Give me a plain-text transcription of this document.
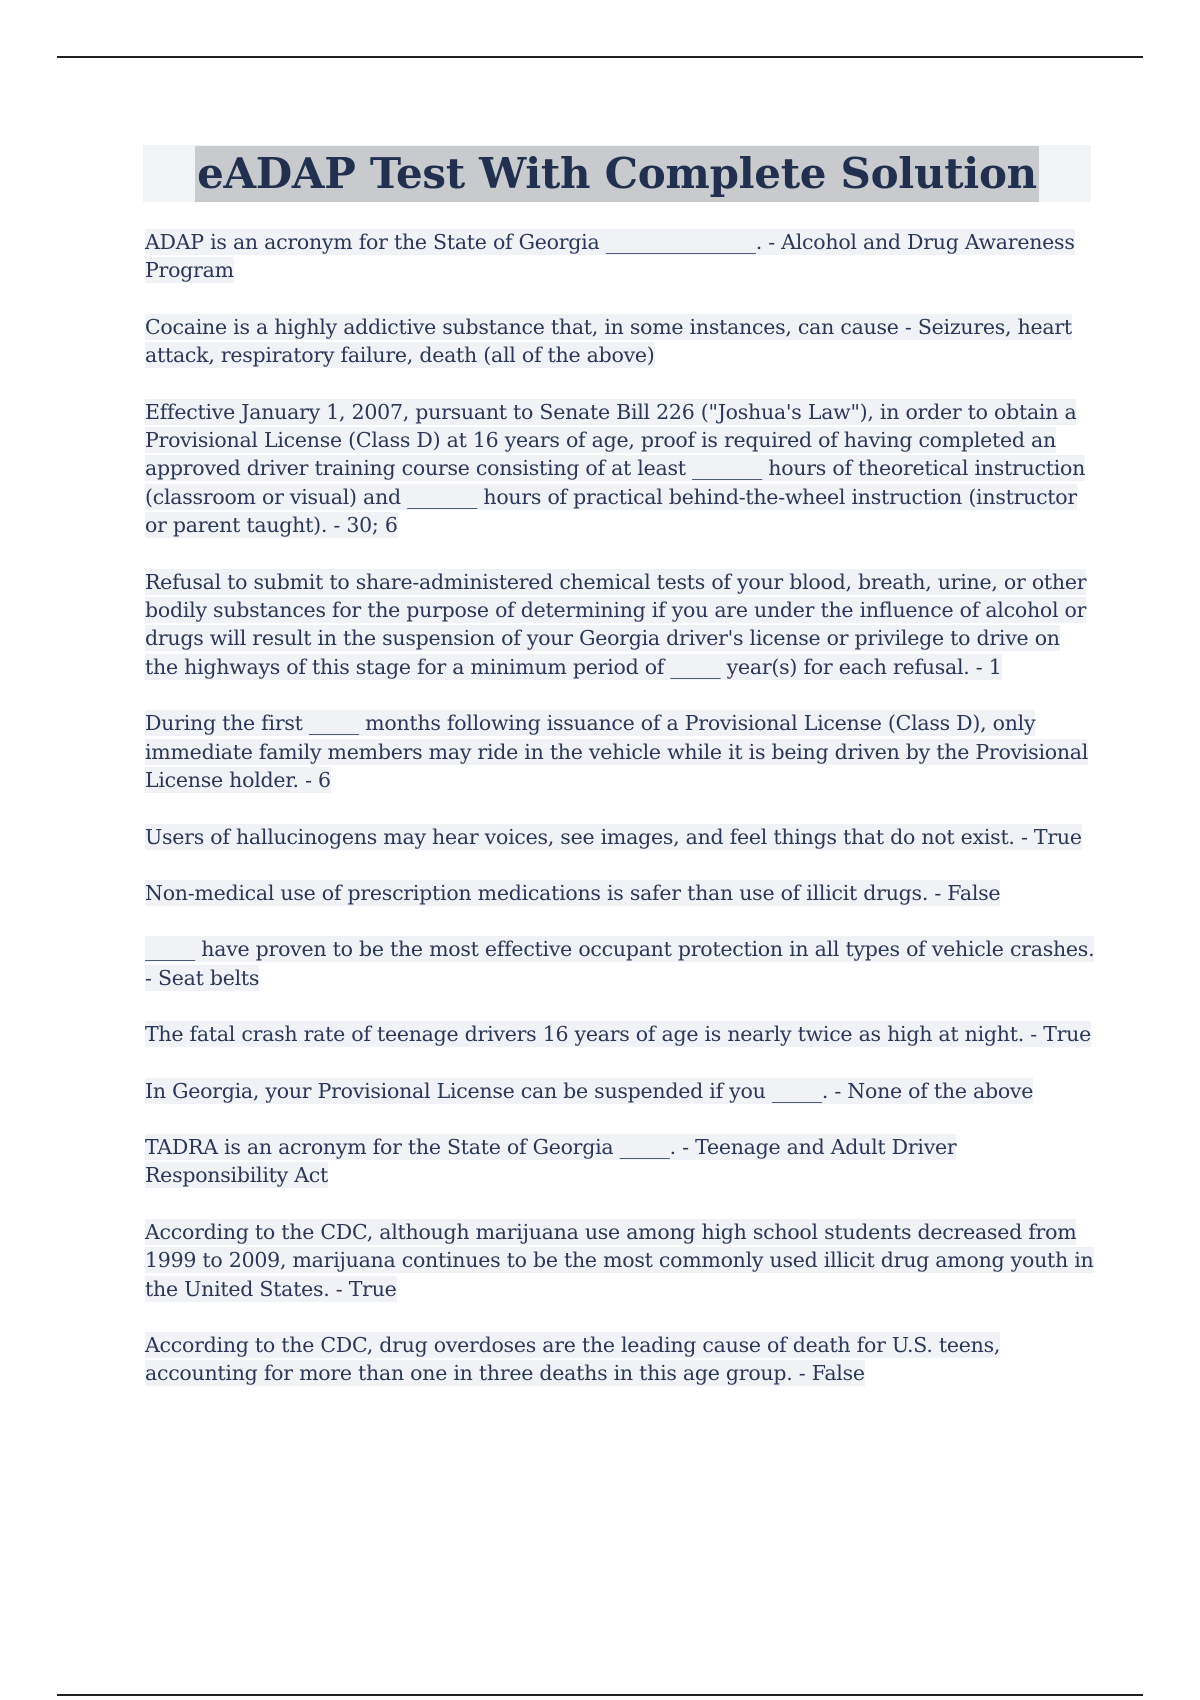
eADAP Test With Complete Solution
ADAP is an acronym for the State of Georgia _______________. - Alcohol and Drug Awareness Program
Cocaine is a highly addictive substance that, in some instances, can cause - Seizures, heart attack, respiratory failure, death (all of the above)
Effective January 1, 2007, pursuant to Senate Bill 226 ("Joshua's Law"), in order to obtain a Provisional License (Class D) at 16 years of age, proof is required of having completed an approved driver training course consisting of at least _______ hours of theoretical instruction (classroom or visual) and _______ hours of practical behind-the-wheel instruction (instructor or parent taught). - 30; 6
Refusal to submit to share-administered chemical tests of your blood, breath, urine, or other bodily substances for the purpose of determining if you are under the influence of alcohol or drugs will result in the suspension of your Georgia driver's license or privilege to drive on the highways of this stage for a minimum period of _____ year(s) for each refusal. - 1
During the first _____ months following issuance of a Provisional License (Class D), only immediate family members may ride in the vehicle while it is being driven by the Provisional License holder. - 6
Users of hallucinogens may hear voices, see images, and feel things that do not exist. - True
Non-medical use of prescription medications is safer than use of illicit drugs. - False
_____ have proven to be the most effective occupant protection in all types of vehicle crashes. - Seat belts
The fatal crash rate of teenage drivers 16 years of age is nearly twice as high at night. - True
In Georgia, your Provisional License can be suspended if you _____. - None of the above
TADRA is an acronym for the State of Georgia _____. - Teenage and Adult Driver Responsibility Act
According to the CDC, although marijuana use among high school students decreased from 1999 to 2009, marijuana continues to be the most commonly used illicit drug among youth in the United States. - True
According to the CDC, drug overdoses are the leading cause of death for U.S. teens, accounting for more than one in three deaths in this age group. - False
